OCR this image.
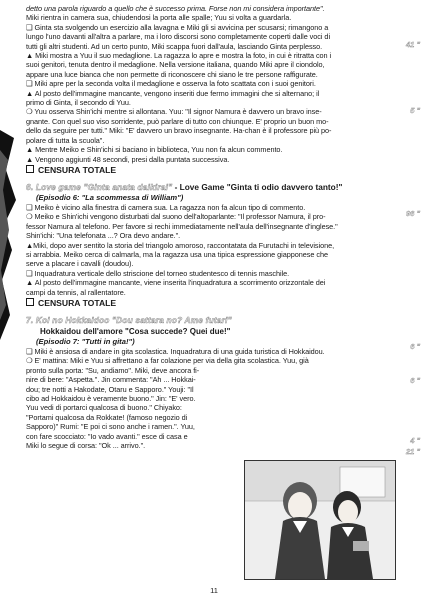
detto una parola riguardo a quello che è successo prima. Forse non mi considera importante".

Miki rientra in camera sua, chiudendosi la porta alle spalle; Yuu si volta a guardarla.

❑ Ginta sta svolgendo un esercizio alla lavagna e Miki gli si avvicina per scusarsi; rimangono a

lungo l'uno davanti all'altra a parlare, ma i loro discorsi sono completamente coperti dalle voci di

tutti gli altri studenti. Ad un certo punto, Miki scappa fuori dall'aula, lasciando Ginta perplesso.

▲ Miki mostra a Yuu il suo medaglione. La ragazza lo apre e mostra la foto, in cui è ritratta con i

suoi genitori, tenuta dentro il medaglione. Nella versione italiana, quando Miki apre il ciondolo,

appare una luce bianca che non permette di riconoscere chi siano le tre persone raffigurate.

❑ Miki apre per la seconda volta il medaglione e osserva la foto scattata con i suoi genitori.

▲ Al posto dell'immagine mancante, vengono inseriti due fermo immagini che si alternano; il

primo di Ginta, il secondo di Yuu.

❍ Yuu osserva Shin'ichi mentre si allontana. Yuu: "Il signor Namura è davvero un bravo inse-

gnante. Con quel suo viso sorridente, può parlare di tutto con chiunque. E' proprio un buon mo-

dello da seguire per tutti." Miki: "E' davvero un bravo insegnante. Ha-chan è il professore più po-

polare di tutta la scuola".

▲ Mentre Meiko e Shin'ichi si baciano in biblioteca, Yuu non fa alcun commento.

▲ Vengono aggiunti 48 secondi, presi dalla puntata successiva.

CENSURA TOTALE

6. Love game "Ginta anata daikirai" - Love Game "Ginta ti odio davvero tanto!"
(Episodio 6: "La scommessa di William")

❑ Meiko è vicino alla finestra di camera sua. La ragazza non fa alcun tipo di commento.

❍ Meiko e Shin'ichi vengono disturbati dal suono dell'altoparlante: "Il professor Namura, il pro-

fessor Namura al telefono. Per favore si rechi immediatamente nell'aula dell'insegnante d'inglese."

Shin'ichi: "Una telefonata ...? Ora devo andare.".

▲Miki, dopo aver sentito la storia del triangolo amoroso, raccontatata da Furutachi in televisione,

si arrabbia. Meiko cerca di calmarla, ma la ragazza usa una tipica espressione giapponese che

serve a placare i cavalli (doudou).

❑ Inquadratura verticale dello striscione del torneo studentesco di tennis maschile.

▲ Al posto dell'immagine mancante, viene inserita l'inquadratura a scorrimento orizzontale dei

campi da tennis, al rallentatore.

CENSURA TOTALE

7. Koi no Hokkaidoo "Dou sattara no? Ame futari"
Hokkaidou dell'amore "Cosa succede? Quei due!"
(Episodio 7: "Tutti in gita!")

❑ Miki è ansiosa di andare in gita scolastica. Inquadratura di una guida turistica di Hokkaidou.

❍ E' mattina: Miki e Yuu si affrettano a far colazione per via della gita scolastica. Yuu, già

pronto sulla porta: "Su, andiamo". Miki, deve ancora fi-

nire di bere: "Aspetta.". Jin commenta: "Ah ... Hokkai-

dou; tre notti a Hakodate, Otaru e Sapporo." Youji: "Il

cibo ad Hokkaidou è veramente buono." Jin: "E' vero.

Yuu vedi di portarci qualcosa di buono." Chiyako:

"Portami qualcosa da Rokkate! (famoso negozio di

Sapporo)" Rumi: "E poi ci sono anche i ramen.". Yuu,

con fare scocciato: "Io vado avanti." esce di casa e

Miki lo segue di corsa: "Ok ... arrivo.".

41 "
5 "
96 "
6 "
6 "
4 "
21 "
11
